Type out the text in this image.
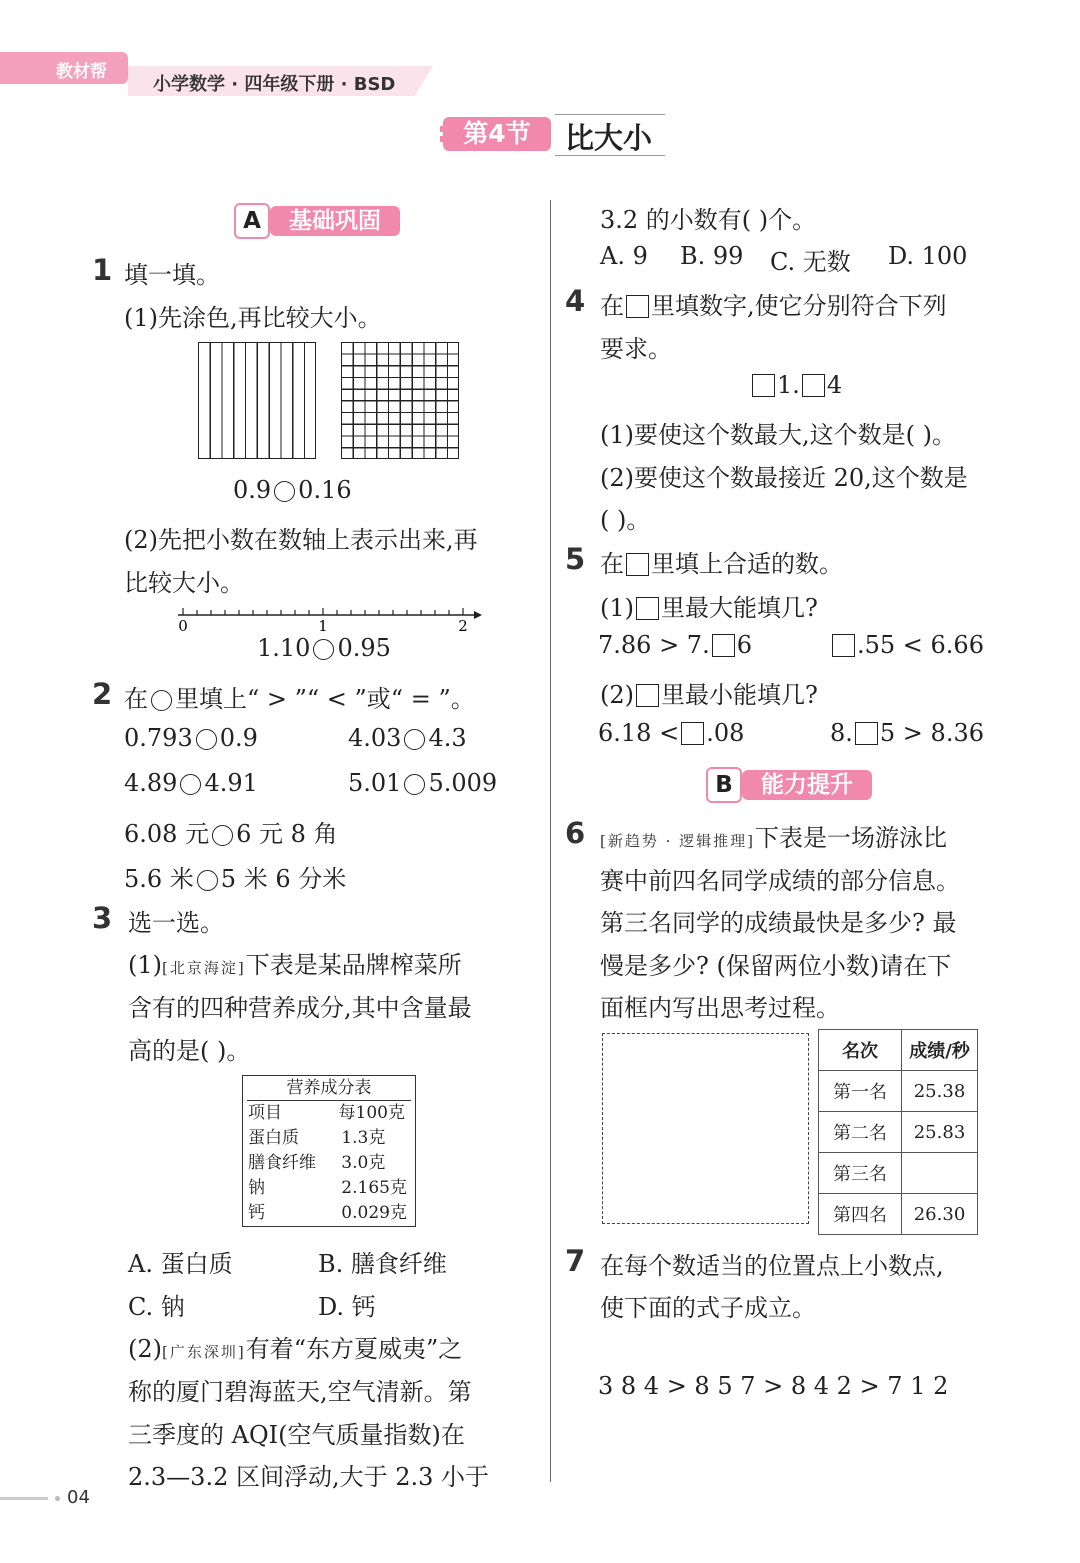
教材帮
小学数学 · 四年级下册 · BSD
第4节	比大小
A	基础巩固
1 填一填。
(1)先涂色,再比较大小。
0.9 0.16
(2)先把小数在数轴上表示出来,再
比较大小。
0	1	2
1.10 0.95
2 在 里填上“ > ”“ < ”或“ = ”。
0.793 0.9	4.03 4.3
4.89 4.91	5.01 5.009
6.08 元 6 元 8 角
5.6 米 5 米 6 分米
3 选一选。
(1)[北京海淀]下表是某品牌榨菜所
含有的四种营养成分,其中含量最
高的是( )。
营养成分表
项目	每100克
蛋白质	1.3克
膳食纤维	3.0克
钠	2.165克
钙	0.029克
A. 蛋白质	B. 膳食纤维
C. 钠	D. 钙
(2)[广东深圳]有着“东方夏威夷”之
称的厦门碧海蓝天,空气清新。第
三季度的 AQI(空气质量指数)在
2.3—3.2 区间浮动,大于 2.3 小于
3.2 的小数有( )个。
A. 9 B. 99 C. 无数 D. 100
4 在 里填数字,使它分别符合下列
要求。
1. 4
(1)要使这个数最大,这个数是( )。
(2)要使这个数最接近 20,这个数是
( )。
5 在 里填上合适的数。
(1) 里最大能填几?
7.86 > 7. 6	.55 < 6.66
(2) 里最小能填几?
6.18 < .08	8. 5 > 8.36
B	能力提升
6 [新趋势 · 逻辑推理]下表是一场游泳比
赛中前四名同学成绩的部分信息。
第三名同学的成绩最快是多少? 最
慢是多少? (保留两位小数)请在下
面框内写出思考过程。
名次	成绩/秒
第一名	25.38
第二名	25.83
第三名	
第四名	26.30
7 在每个数适当的位置点上小数点,
使下面的式子成立。
3 8 4 > 8 5 7 > 8 4 2 > 7 1 2
04
